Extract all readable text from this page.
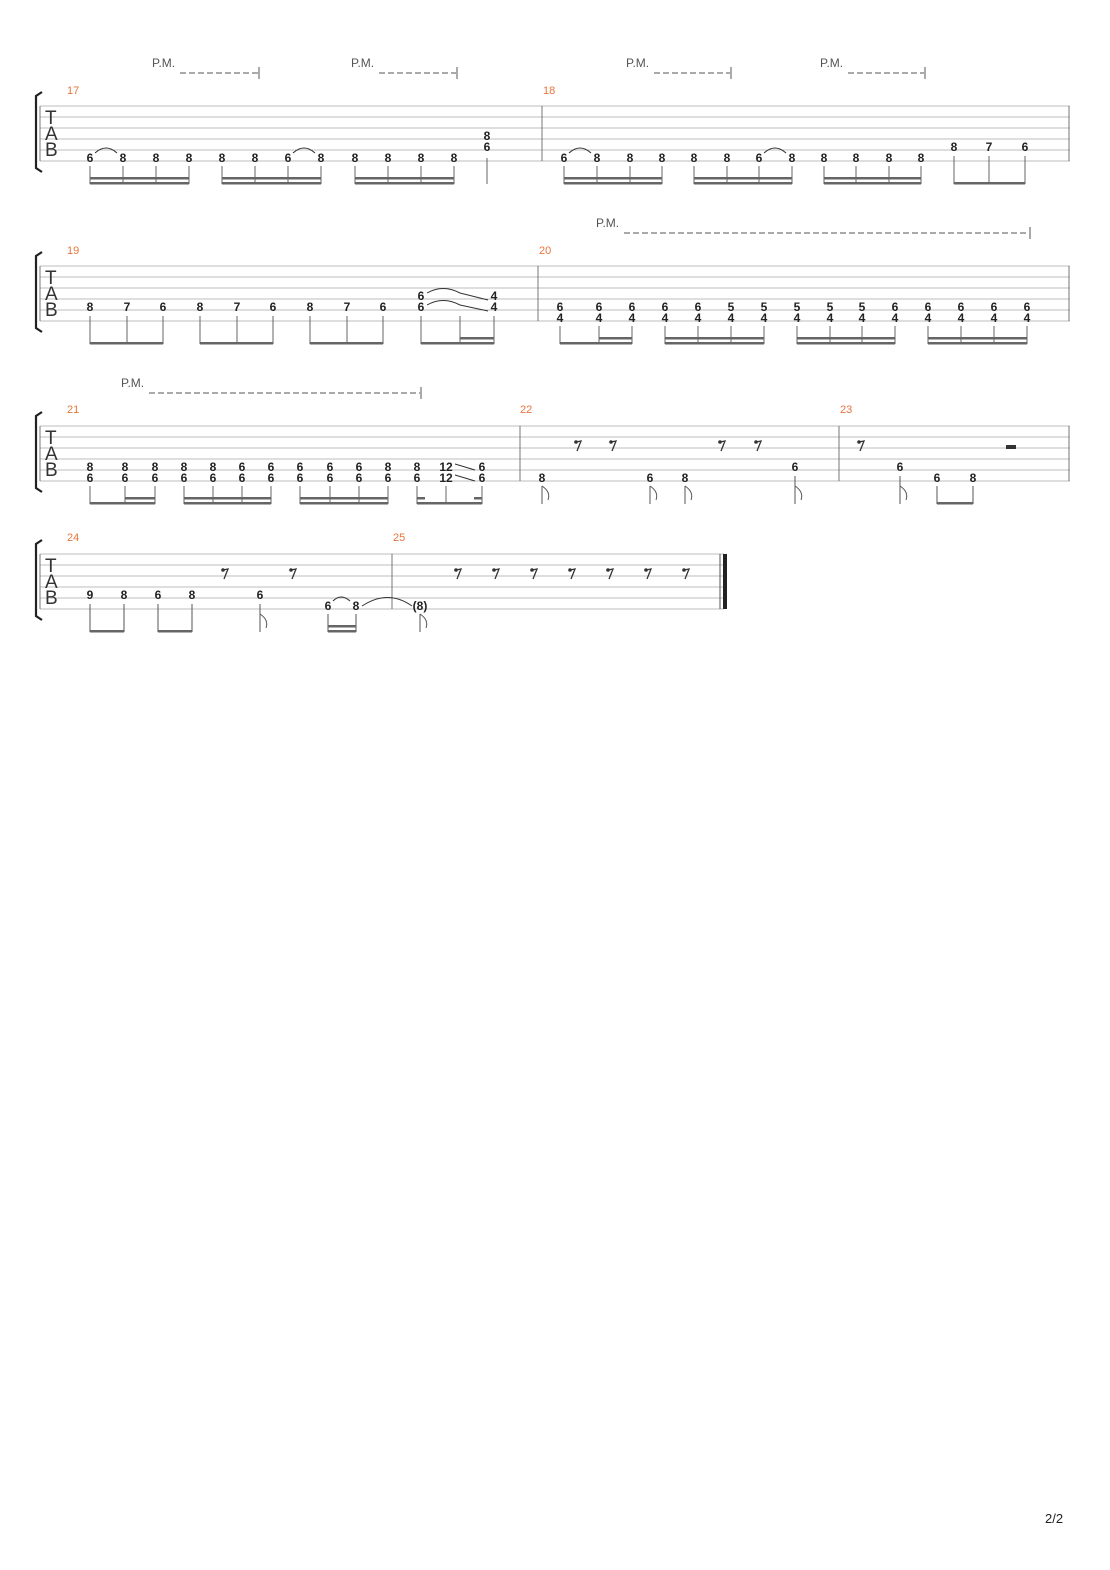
T
A
B
17	18
P.M.	P.M.	P.M.	P.M.
6 8 8 8 8 8 6 8 8 8 8 8
8
6
6 8 8 8 8 8 6 8 8 8 8 8
8 7 6
T
A
B
19	20
P.M.
8	7 6	8	7 6	8	7 6
6
6
4
4	6
4
6
4
6
4
6
4
6
4
5
4
5
4
5
4
5
4
5
4
6
4
6
4
6
4
6
4
6
4
T
A
B
21	22	23
P.M.
8
6
8
6
8
6
8
6
8
6
6
6
6
6
6
6
6
6
6
6
8
6
8
6
12
12
6
6	8	6 8
6	6
6 8
T
A
B
24	25
9 8 6 8	6
6 8	(8)
2/2
